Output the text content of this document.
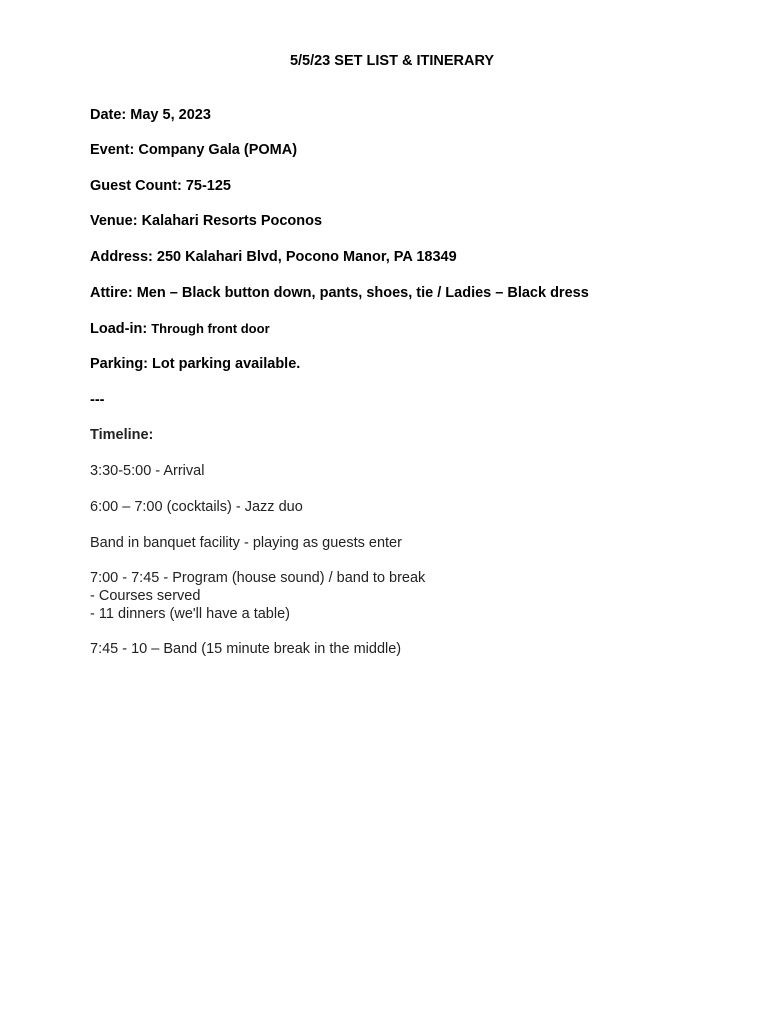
5/5/23 SET LIST & ITINERARY
Date: May 5, 2023
Event: Company Gala (POMA)
Guest Count: 75-125
Venue: Kalahari Resorts Poconos
Address: 250 Kalahari Blvd, Pocono Manor, PA 18349
Attire: Men – Black button down, pants, shoes, tie / Ladies – Black dress
Load-in: Through front door
Parking: Lot parking available.
---
Timeline:
3:30-5:00 - Arrival
6:00 – 7:00 (cocktails) - Jazz duo
Band in banquet facility - playing as guests enter
7:00 - 7:45 - Program (house sound) / band to break
- Courses served
- 11 dinners (we'll have a table)
7:45 - 10 – Band (15 minute break in the middle)
